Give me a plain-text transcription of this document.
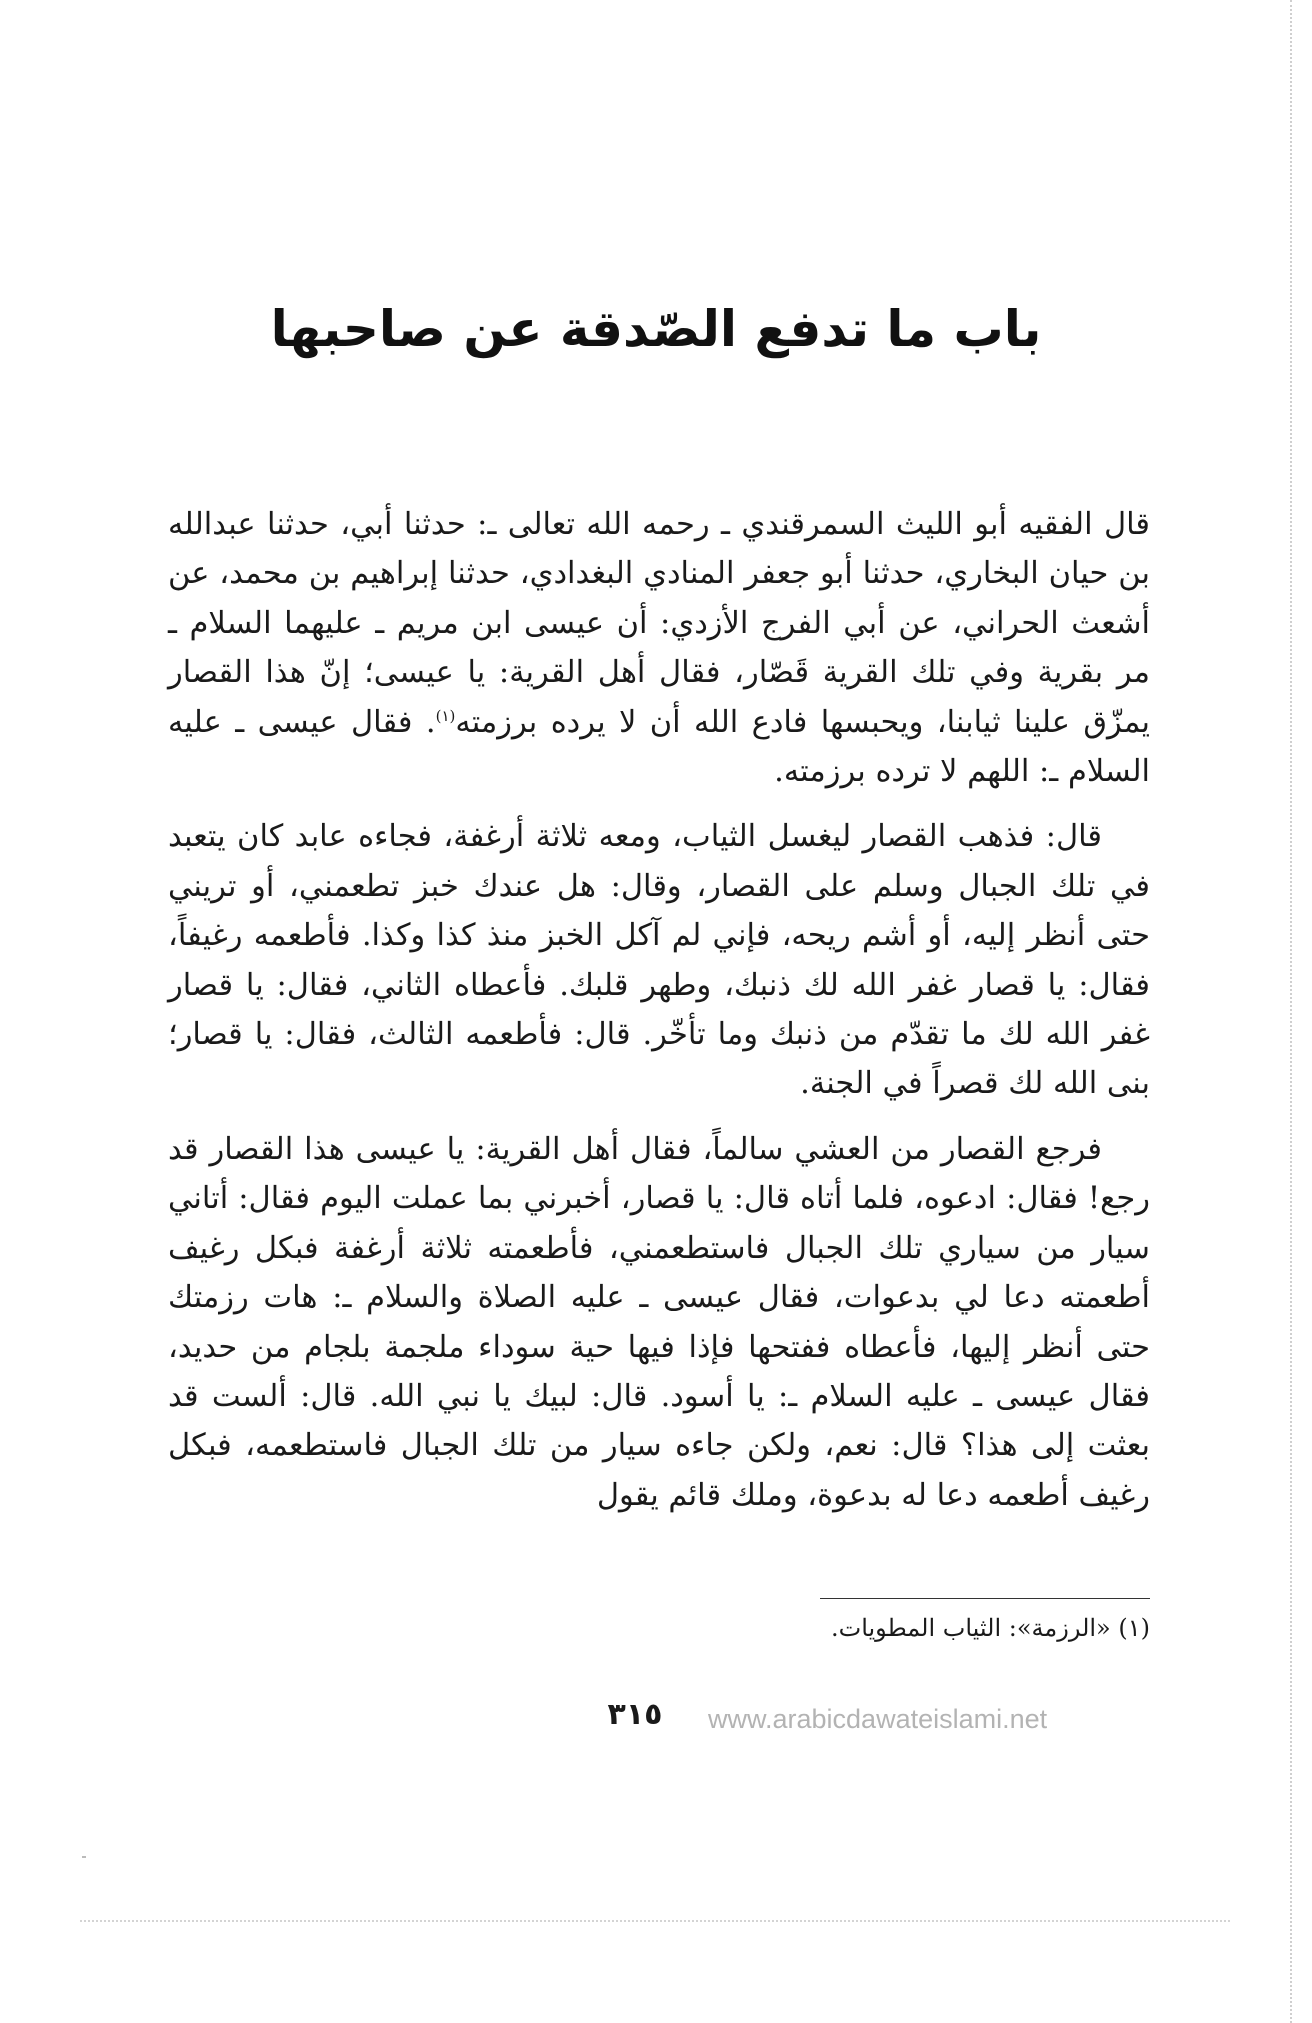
باب ما تدفع الصّدقة عن صاحبها

قال الفقيه أبو الليث السمرقندي ـ رحمه الله تعالى ـ: حدثنا أبي، حدثنا عبدالله بن حيان البخاري، حدثنا أبو جعفر المنادي البغدادي، حدثنا إبراهيم بن محمد، عن أشعث الحراني، عن أبي الفرج الأزدي: أن عيسى ابن مريم ـ عليهما السلام ـ مر بقرية وفي تلك القرية قَصّار، فقال أهل القرية: يا عيسى؛ إنّ هذا القصار يمزّق علينا ثيابنا، ويحبسها فادع الله أن لا يرده برزمته$^{(١)}$. فقال عيسى ـ عليه السلام ـ: اللهم لا ترده برزمته.

قال: فذهب القصار ليغسل الثياب، ومعه ثلاثة أرغفة، فجاءه عابد كان يتعبد في تلك الجبال وسلم على القصار، وقال: هل عندك خبز تطعمني، أو تريني حتى أنظر إليه، أو أشم ريحه، فإني لم آكل الخبز منذ كذا وكذا. فأطعمه رغيفاً، فقال: يا قصار غفر الله لك ذنبك، وطهر قلبك. فأعطاه الثاني، فقال: يا قصار غفر الله لك ما تقدّم من ذنبك وما تأخّر. قال: فأطعمه الثالث، فقال: يا قصار؛ بنى الله لك قصراً في الجنة.

فرجع القصار من العشي سالماً، فقال أهل القرية: يا عيسى هذا القصار قد رجع! فقال: ادعوه، فلما أتاه قال: يا قصار، أخبرني بما عملت اليوم فقال: أتاني سيار من سياري تلك الجبال فاستطعمني، فأطعمته ثلاثة أرغفة فبكل رغيف أطعمته دعا لي بدعوات، فقال عيسى ـ عليه الصلاة والسلام ـ: هات رزمتك حتى أنظر إليها، فأعطاه ففتحها فإذا فيها حية سوداء ملجمة بلجام من حديد، فقال عيسى ـ عليه السلام ـ: يا أسود. قال: لبيك يا نبي الله. قال: ألست قد بعثت إلى هذا؟ قال: نعم، ولكن جاءه سيار من تلك الجبال فاستطعمه، فبكل رغيف أطعمه دعا له بدعوة، وملك قائم يقول

(١) «الرزمة»: الثياب المطويات.
٣١٥	www.arabicdawateislami.net
